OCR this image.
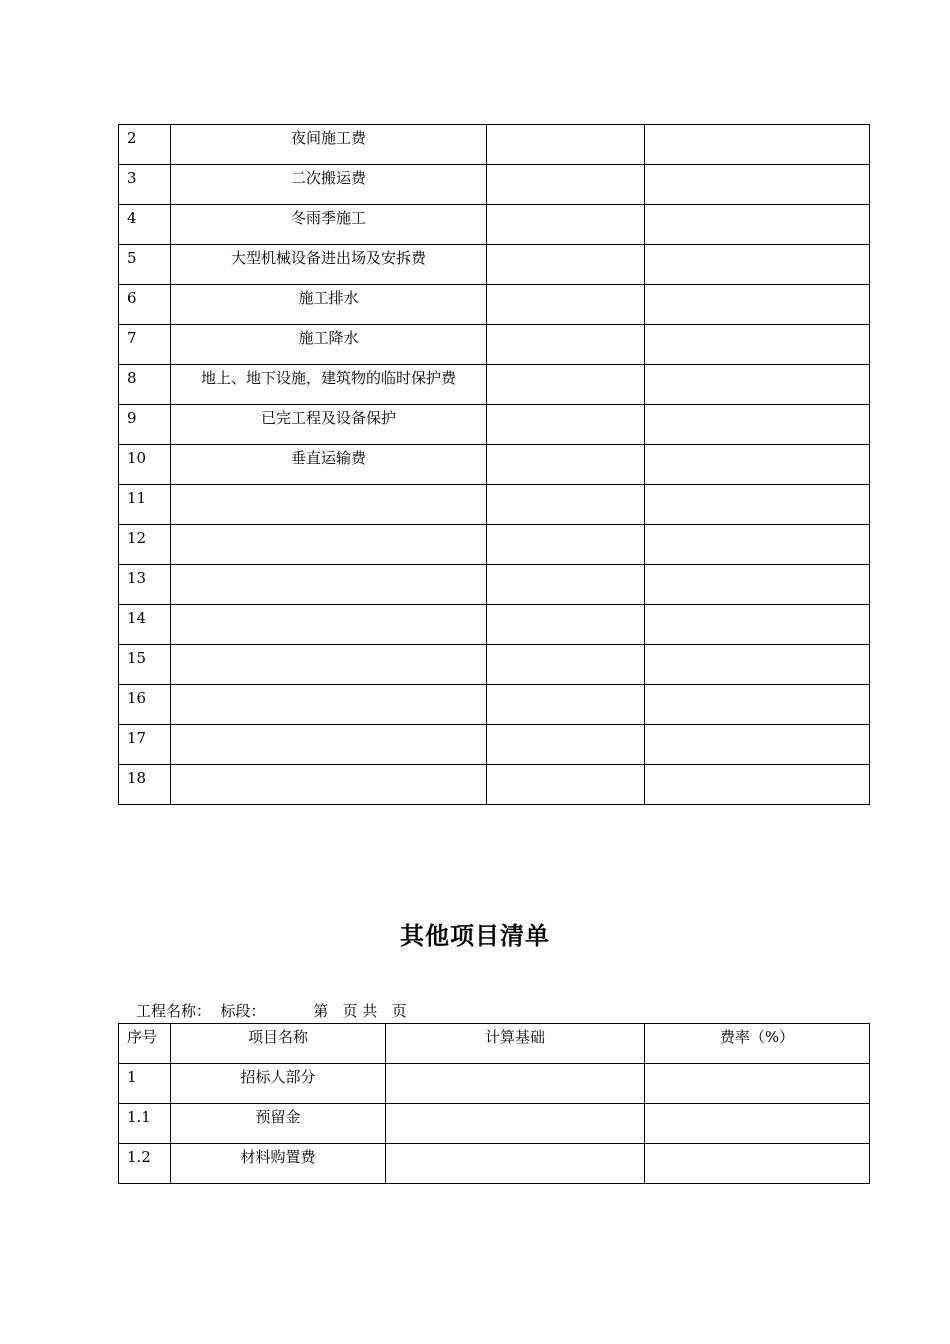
2	夜间施工费		
3	二次搬运费		
4	冬雨季施工		
5	大型机械设备进出场及安拆费		
6	施工排水		
7	施工降水		
8	地上、地下设施，建筑物的临时保护费		
9	已完工程及设备保护		
10	垂直运输费		
11			
12			
13			
14			
15			
16			
17			
18			
其他项目清单
工程名称：  标段：          第   页 共   页
序号	项目名称	计算基础	费率（%）
1	招标人部分		
1.1	预留金		
1.2	材料购置费		
